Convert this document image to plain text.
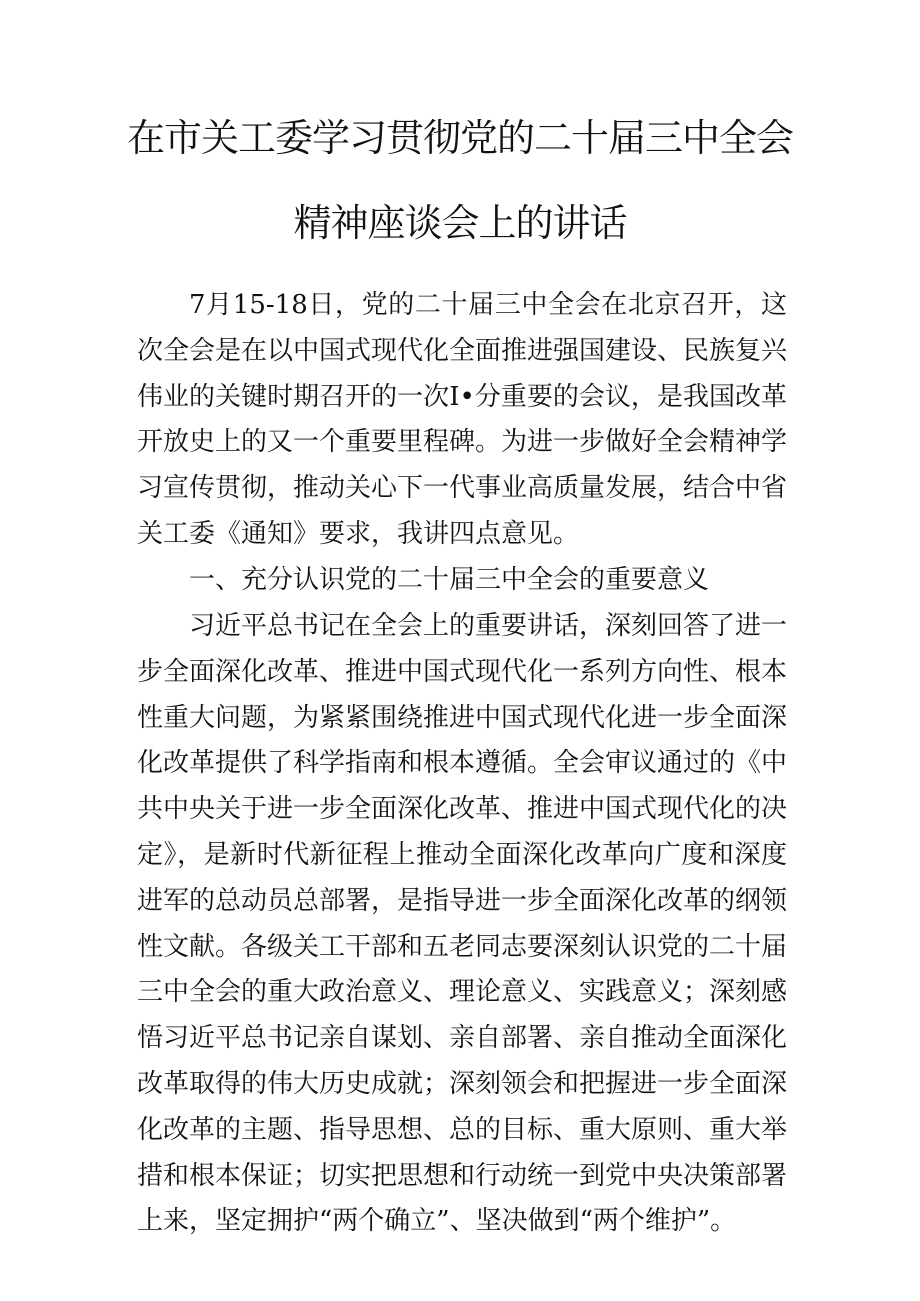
在市关工委学习贯彻党的二十届三中全会
精神座谈会上的讲话

7月15-18日，党的二十届三中全会在北京召开，这次全会是在以中国式现代化全面推进强国建设、民族复兴伟业的关键时期召开的一次I•分重要的会议，是我国改革开放史上的又一个重要里程碑。为进一步做好全会精神学习宣传贯彻，推动关心下一代事业高质量发展，结合中省关工委《通知》要求，我讲四点意见。

一、充分认识党的二十届三中全会的重要意义

习近平总书记在全会上的重要讲话，深刻回答了进一步全面深化改革、推进中国式现代化一系列方向性、根本性重大问题，为紧紧围绕推进中国式现代化进一步全面深化改革提供了科学指南和根本遵循。全会审议通过的《中共中央关于进一步全面深化改革、推进中国式现代化的决定》，是新时代新征程上推动全面深化改革向广度和深度进军的总动员总部署，是指导进一步全面深化改革的纲领性文献。各级关工干部和五老同志要深刻认识党的二十届三中全会的重大政治意义、理论意义、实践意义；深刻感悟习近平总书记亲自谋划、亲自部署、亲自推动全面深化改革取得的伟大历史成就；深刻领会和把握进一步全面深化改革的主题、指导思想、总的目标、重大原则、重大举措和根本保证；切实把思想和行动统一到党中央决策部署上来，坚定拥护“两个确立”、坚决做到“两个维护”。
